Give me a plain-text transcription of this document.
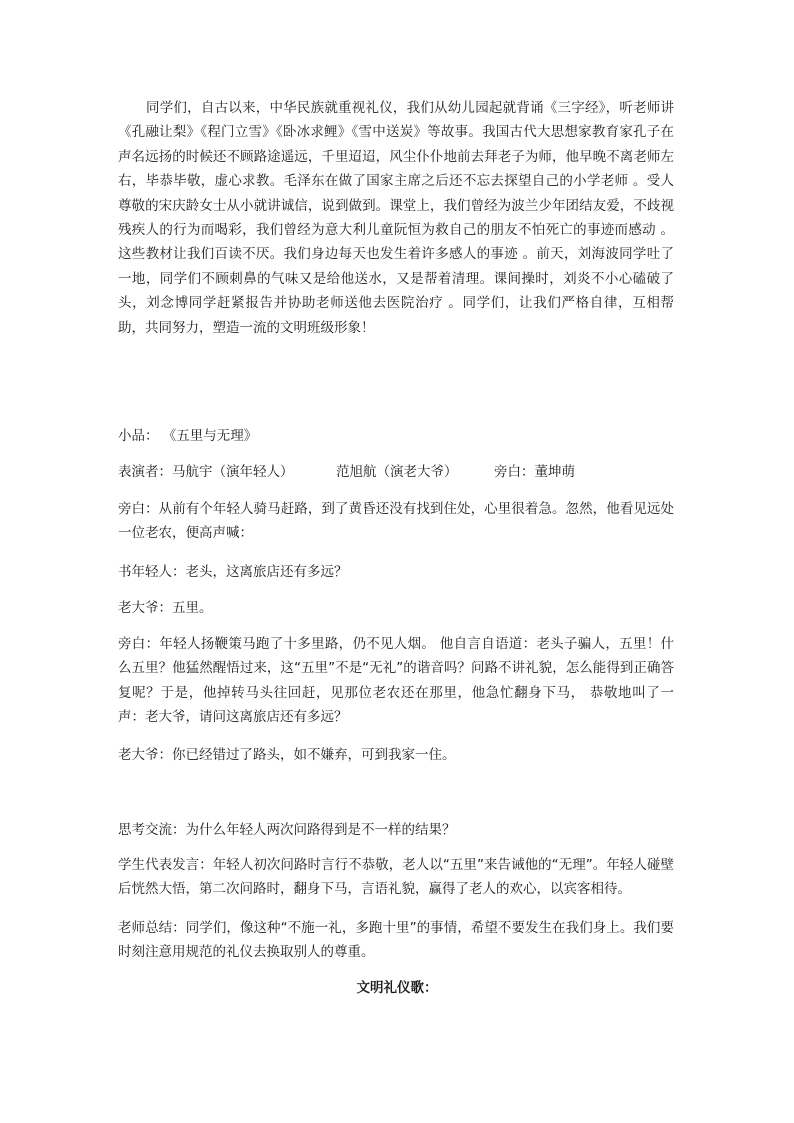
同学们，自古以来，中华民族就重视礼仪，我们从幼儿园起就背诵《三字经》，听老师讲《孔融让梨》《程门立雪》《卧冰求鲤》《雪中送炭》等故事。我国古代大思想家教育家孔子在声名远扬的时候还不顾路途遥远，千里迢迢，风尘仆仆地前去拜老子为师，他早晚不离老师左右，毕恭毕敬，虚心求教。毛泽东在做了国家主席之后还不忘去探望自己的小学老师 。受人尊敬的宋庆龄女士从小就讲诚信，说到做到。课堂上，我们曾经为波兰少年团结友爱，不歧视残疾人的行为而喝彩，我们曾经为意大利儿童阮恒为救自己的朋友不怕死亡的事迹而感动 。这些教材让我们百读不厌。我们身边每天也发生着许多感人的事迹 。前天，刘海波同学吐了一地，同学们不顾刺鼻的气味又是给他送水，又是帮着清理。课间操时，刘炎不小心磕破了头，刘念博同学赶紧报告并协助老师送他去医院治疗 。同学们，让我们严格自律，互相帮助，共同努力，塑造一流的文明班级形象！

小品： 《五里与无理》

表演者：马航宇（演年轻人）	范旭航（演老大爷）	旁白：董坤萌

旁白：从前有个年轻人骑马赶路，到了黄昏还没有找到住处，心里很着急。忽然，他看见远处一位老农，便高声喊：

书年轻人：老头，这离旅店还有多远？

老大爷：五里。

旁白：年轻人扬鞭策马跑了十多里路，仍不见人烟。 他自言自语道：老头子骗人，五里！什么五里？他猛然醒悟过来，这“五里”不是“无礼”的谐音吗？问路不讲礼貌，怎么能得到正确答复呢？于是，他掉转马头往回赶，见那位老农还在那里，他急忙翻身下马， 恭敬地叫了一声：老大爷，请问这离旅店还有多远？

老大爷：你已经错过了路头，如不嫌弃，可到我家一住。

思考交流：为什么年轻人两次问路得到是不一样的结果？

学生代表发言：年轻人初次问路时言行不恭敬，老人以“五里”来告诫他的“无理”。年轻人碰壁后恍然大悟，第二次问路时，翻身下马，言语礼貌，赢得了老人的欢心，以宾客相待。

老师总结：同学们，像这种“不施一礼，多跑十里”的事情，希望不要发生在我们身上。我们要时刻注意用规范的礼仪去换取别人的尊重。

文明礼仪歌：
